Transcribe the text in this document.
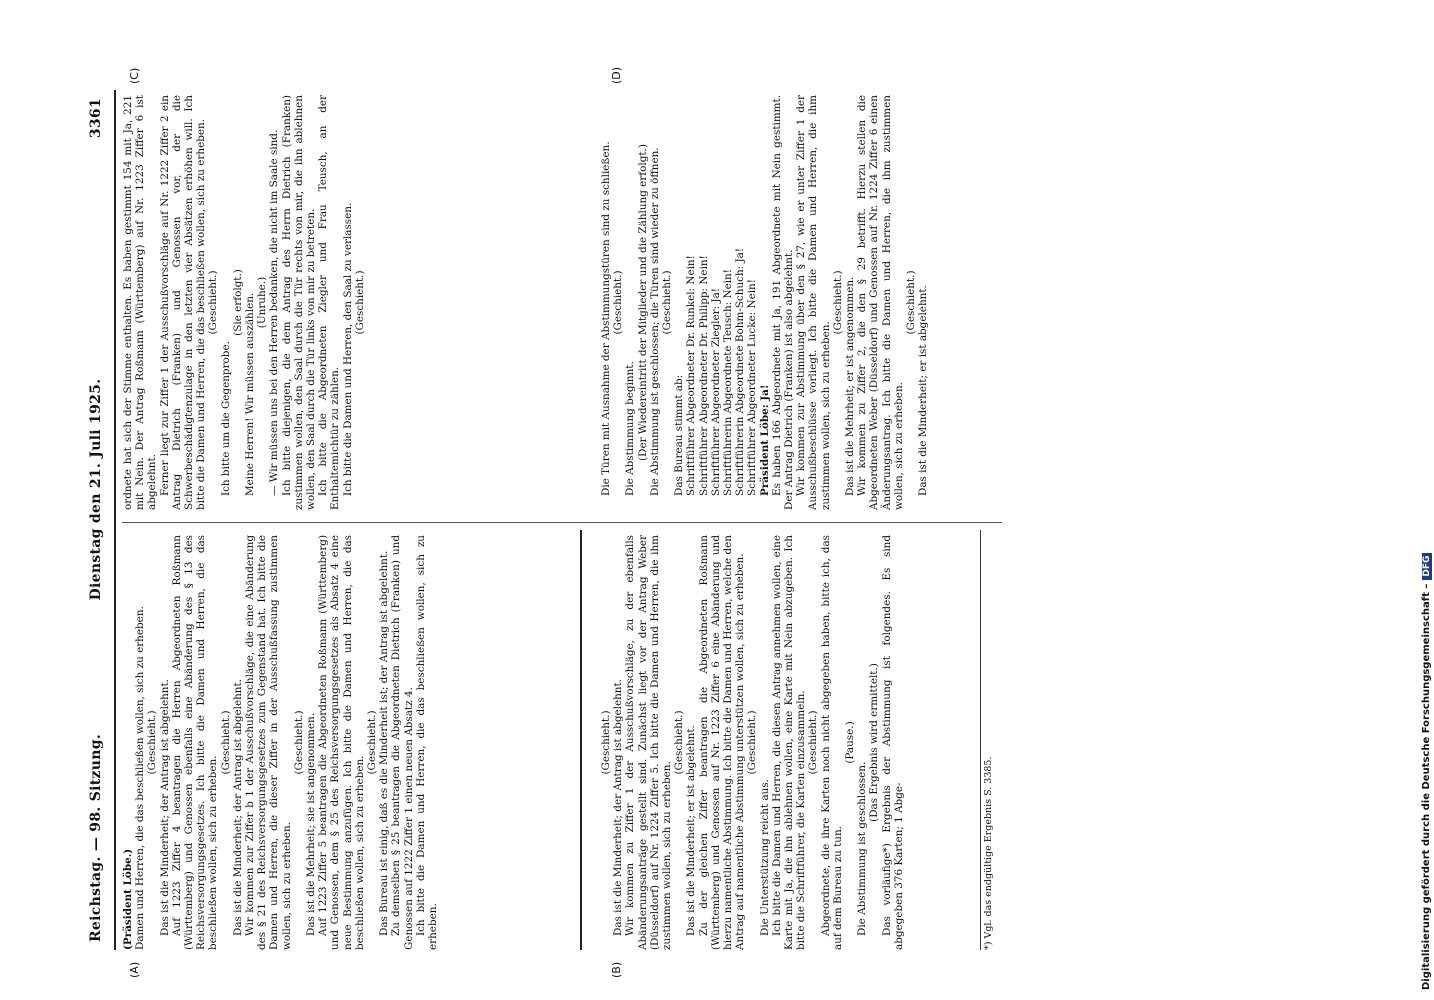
Reichstag. — 98. Sitzung.
Dienstag den 21. Juli 1925.  3361
(A)	(B)
(C)	(D)

(Präsident Löbe.) Damen und Herren, die das beschließen wollen, sich zu erheben. (Geschieht.) Das ist die Minderheit; der Antrag ist abgelehnt. Auf 1223 Ziffer 4 beantragen die Herren Abgeordneten Roßmann (Württemberg) und Genossen ebenfalls eine Abänderung des § 13 des Reichsversorgungsgesetzes. Ich bitte die Damen und Herren, die das beschließen wollen, sich zu erheben.

(Geschieht.) Das ist die Minderheit; der Antrag ist abgelehnt. Wir kommen zur Ziffer b 1 der Ausschußvorschläge, die eine Abänderung des § 21 des Reichsversorgungsgesetzes zum Gegenstand hat. Ich bitte die Damen und Herren, die dieser Ziffer in der Ausschußfassung zustimmen wollen, sich zu erheben.

(Geschieht.) Das ist die Mehrheit; sie ist angenommen. Auf 1223 Ziffer 5 beantragen die Abgeordneten Roßmann (Württemberg) und Genossen, dem § 25 des Reichsversorgungsgesetzes als Absatz 4 eine neue Bestimmung anzufügen. Ich bitte die Damen und Herren, die das beschließen wollen, sich zu erheben.

(Geschieht.) Das Bureau ist einig, daß es die Minderheit ist; der Antrag ist abgelehnt. Zu demselben § 25 beantragen die Abgeordneten Dietrich (Franken) und Genossen auf 1222 Ziffer 1 einen neuen Absatz 4. Ich bitte die Damen und Herren, die das beschließen wollen, sich zu erheben.

ordnete hat sich der Stimme enthalten. Es haben gestimmt 154 mit Ja, 221 mit Nein. Der Antrag Roßmann (Württemberg) auf Nr. 1223 Ziffer 6 ist abgelehnt. Ferner liegt zur Ziffer 1 der Ausschußvorschläge auf Nr. 1222 Ziffer 2 ein Antrag Dietrich (Franken) und Genossen vor, der die Schwerbeschädigtenzulage in den letzten vier Absätzen erhöhen will. Ich bitte die Damen und Herren, die das beschließen wollen, sich zu erheben. (Geschieht.)

Ich bitte um die Gegenprobe.

(Sie erfolgt.) Meine Herren! Wir müssen auszählen. (Unruhe.) — Wir müssen uns bei den Herren bedanken, die nicht im Saale sind. Ich bitte diejenigen, die dem Antrag des Herrn Dietrich (Franken) zustimmen wollen, den Saal durch die Tür rechts von mir, die ihn ablehnen wollen, den Saal durch die Tür links von mir zu betreten. Ich bitte die Abgeordneten Ziegler und Frau Teusch, an der Enthaltemichtür zu zählen. Ich bitte die Damen und Herren, den Saal zu verlassen. (Geschieht.)

(Geschieht.) Das ist die Minderheit; der Antrag ist abgelehnt. Wir kommen zu Ziffer 1 der Ausschußvorschläge, zu der ebenfalls Abänderungsanträge gestellt sind. Zunächst liegt vor der Antrag Weber (Düsseldorf) auf Nr. 1224 Ziffer 5. Ich bitte die Damen und Herren, die ihm zustimmen wollen, sich zu erheben.

(Geschieht.) Das ist die Minderheit; er ist abgelehnt. Zu der gleichen Ziffer beantragen die Abgeordneten Roßmann (Württemberg) und Genossen auf Nr. 1223 Ziffer 6 eine Abänderung und hierzu namentliche Abstimmung. Ich bitte die Damen und Herren, welche den Antrag auf namentliche Abstimmung unterstützen wollen, sich zu erheben. (Geschieht.)

Die Unterstützung reicht aus. Ich bitte die Damen und Herren, die diesen Antrag annehmen wollen, eine Karte mit Ja, die ihn ablehnen wollen, eine Karte mit Nein abzugeben. Ich bitte die Schriftführer, die Karten einzusammeln. (Geschieht.) Abgeordnete, die ihre Karten noch nicht abgegeben haben, bitte ich, das auf dem Bureau zu tun.

(Pause.)

Die Abstimmung ist geschlossen.

(Das Ergebnis wird ermittelt.) Das vorläufige*) Ergebnis der Abstimmung ist folgendes. Es sind abgegeben 376 Karten; 1 Abge-

Die Türen mit Ausnahme der Abstimmungstüren sind zu schließen. (Geschieht.)

Die Abstimmung beginnt. (Der Wiedereintritt der Mitglieder und die Zählung erfolgt.) Die Abstimmung ist geschlossen; die Türen sind wieder zu öffnen. (Geschieht.)

Das Bureau stimmt ab: Schriftführer Abgeordneter Dr. Runkel: Nein! Schriftführer Abgeordneter Dr. Philipp: Nein! Schriftführer Abgeordneter Ziegler: Ja! Schriftführerin Abgeordnete Teusch: Nein! Schriftführerin Abgeordnete Bohm-Schuch: Ja! Schriftführer Abgeordneter Lucke: Nein! Präsident Löbe: Ja! Es haben 166 Abgeordnete mit Ja, 191 Abgeordnete mit Nein gestimmt. Der Antrag Dietrich (Franken) ist also abgelehnt. Wir kommen zur Abstimmung über den § 27, wie er unter Ziffer 1 der Ausschußbeschlüsse vorliegt. Ich bitte die Damen und Herren, die ihm zustimmen wollen, sich zu erheben.

(Geschieht.) Das ist die Mehrheit; er ist angenommen. Wir kommen zu Ziffer 2, die den § 29 betrifft. Hierzu stellen die Abgeordneten Weber (Düsseldorf) und Genossen auf Nr. 1224 Ziffer 6 einen Änderungsantrag. Ich bitte die Damen und Herren, die ihm zustimmen wollen, sich zu erheben.

(Geschieht.) Das ist die Minderheit; er ist abgelehnt.

*) Vgl. das endgültige Ergebnis S. 3385.	Digitalisierung gefördert durch die Deutsche Forschungsgemeinschaft –DFG
